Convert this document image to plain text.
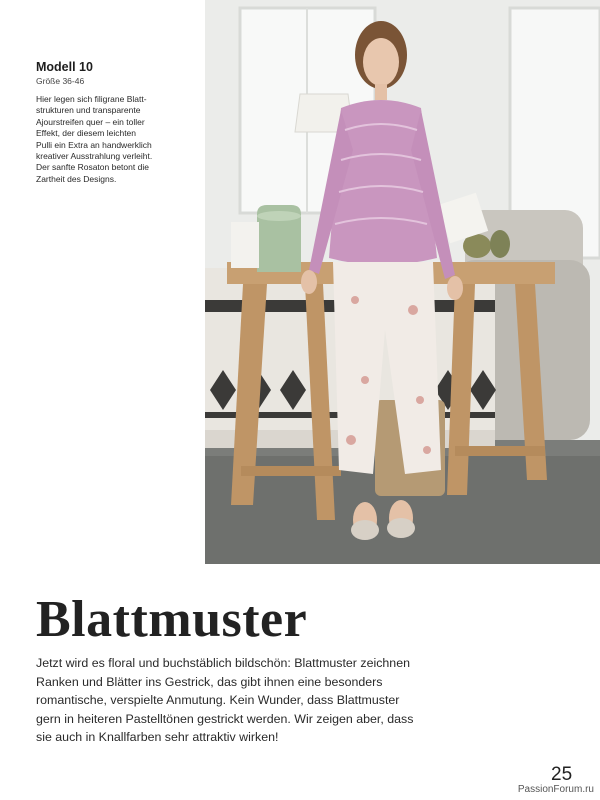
Modell 10
Größe 36-46
Hier legen sich filigrane Blatt-
strukturen und transparente
Ajourstreifen quer – ein toller
Effekt, der diesem leichten
Pulli ein Extra an handwerklich
kreativer Ausstrahlung verleiht.
Der sanfte Rosaton betont die
Zartheit des Designs.
Blattmuster
Jetzt wird es floral und buchstäblich bildschön: Blattmuster zeichnen
Ranken und Blätter ins Gestrick, das gibt ihnen eine besonders
romantische, verspielte Anmutung. Kein Wunder, dass Blattmuster
gern in heiteren Pastelltönen gestrickt werden. Wir zeigen aber, dass
sie auch in Knallfarben sehr attraktiv wirken!
25
PassionForum.ru
